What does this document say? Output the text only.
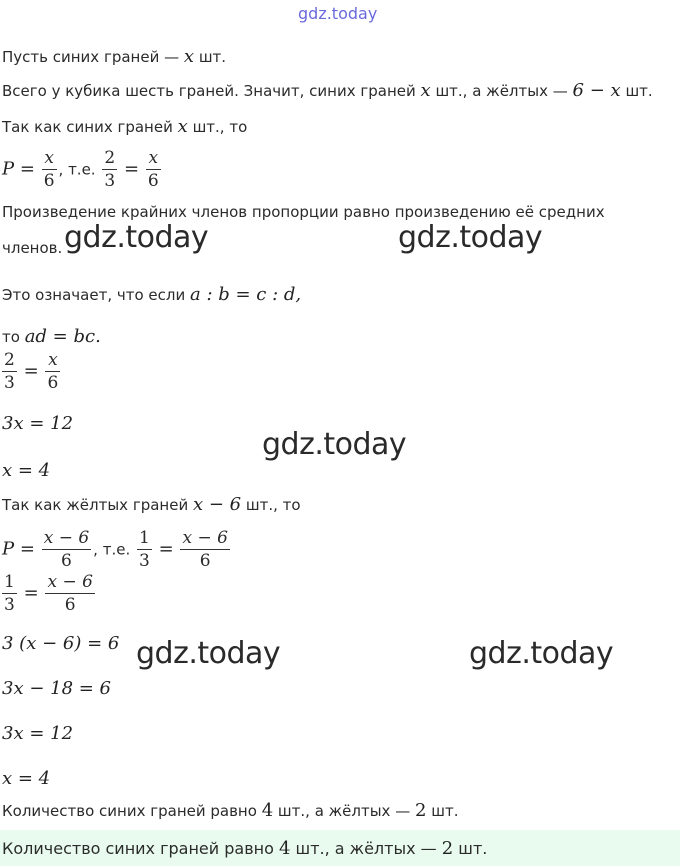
gdz.today
Пусть синих граней — x шт.
Всего у кубика шесть граней. Значит, синих граней x шт., а жёлтых — 6 − x шт.
Так как синих граней x шт., то
$P = \frac{x}{6}$ , т.е. $\frac{2}{3} = \frac{x}{6}$
Произведение крайних членов пропорции равно произведению её средних
членов. gdz.today	gdz.today
Это означает, что если a : b = c : d,
то ad = bc.
$\frac{2}{3} = \frac{x}{6}$
3x = 12
gdz.today
x = 4
Так как жёлтых граней x − 6 шт., то
$P = \frac{x - 6}{6}$ , т.е. $\frac{1}{3} = \frac{x - 6}{6}$
$\frac{1}{3} = \frac{x - 6}{6}$
3 (x − 6) = 6 gdz.today	gdz.today
3x − 18 = 6
3x = 12
x = 4
Количество синих граней равно 4 шт., а жёлтых — 2 шт.
Количество синих граней равно 4 шт., а жёлтых — 2 шт.
